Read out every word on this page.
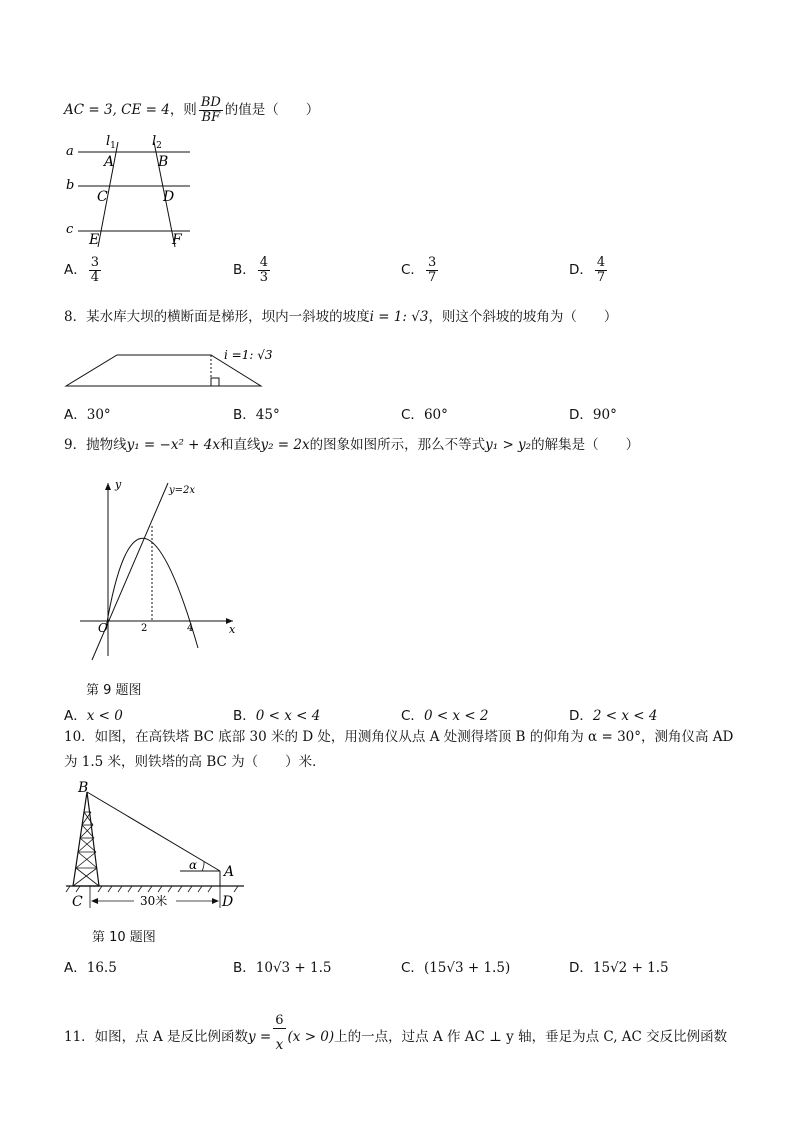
AC = 3, CE = 4，则 $\frac{BD}{BF}$ 的值是（　　）
a
b
c
$l_1$	$l_2$
A	B
C	D
E	F
A． $\frac{3}{4}$	B． $\frac{4}{3}$	C． $\frac{3}{7}$	D． $\frac{4}{7}$
8．某水库大坝的横断面是梯形，坝内一斜坡的坡度i = 1: √3，则这个斜坡的坡角为（　　）
i =1: √3
A．30°	B．45°	C．60°	D．90°
9．抛物线y₁ = −x² + 4x和直线y₂ = 2x的图象如图所示，那么不等式y₁ > y₂的解集是（　　）
y
x
O
y=2x
2	4
第 9 题图
A．x < 0	B．0 < x < 4	C．0 < x < 2	D．2 < x < 4
10．如图，在高铁塔 BC 底部 30 米的 D 处，用测角仪从点 A 处测得塔顶 B 的仰角为 α = 30°，测角仪高 AD
为 1.5 米，则铁塔的高 BC 为（　　）米．
B
A
C	D
α
30米
第 10 题图
A．16.5	B．10√3 + 1.5	C．(15√3 + 1.5)	D．15√2 + 1.5
11．如图，点 A 是反比例函数$y = \frac{6}{x} (x > 0)$上的一点，过点 A 作 AC ⊥ y 轴，垂足为点 C, AC 交反比例函数
